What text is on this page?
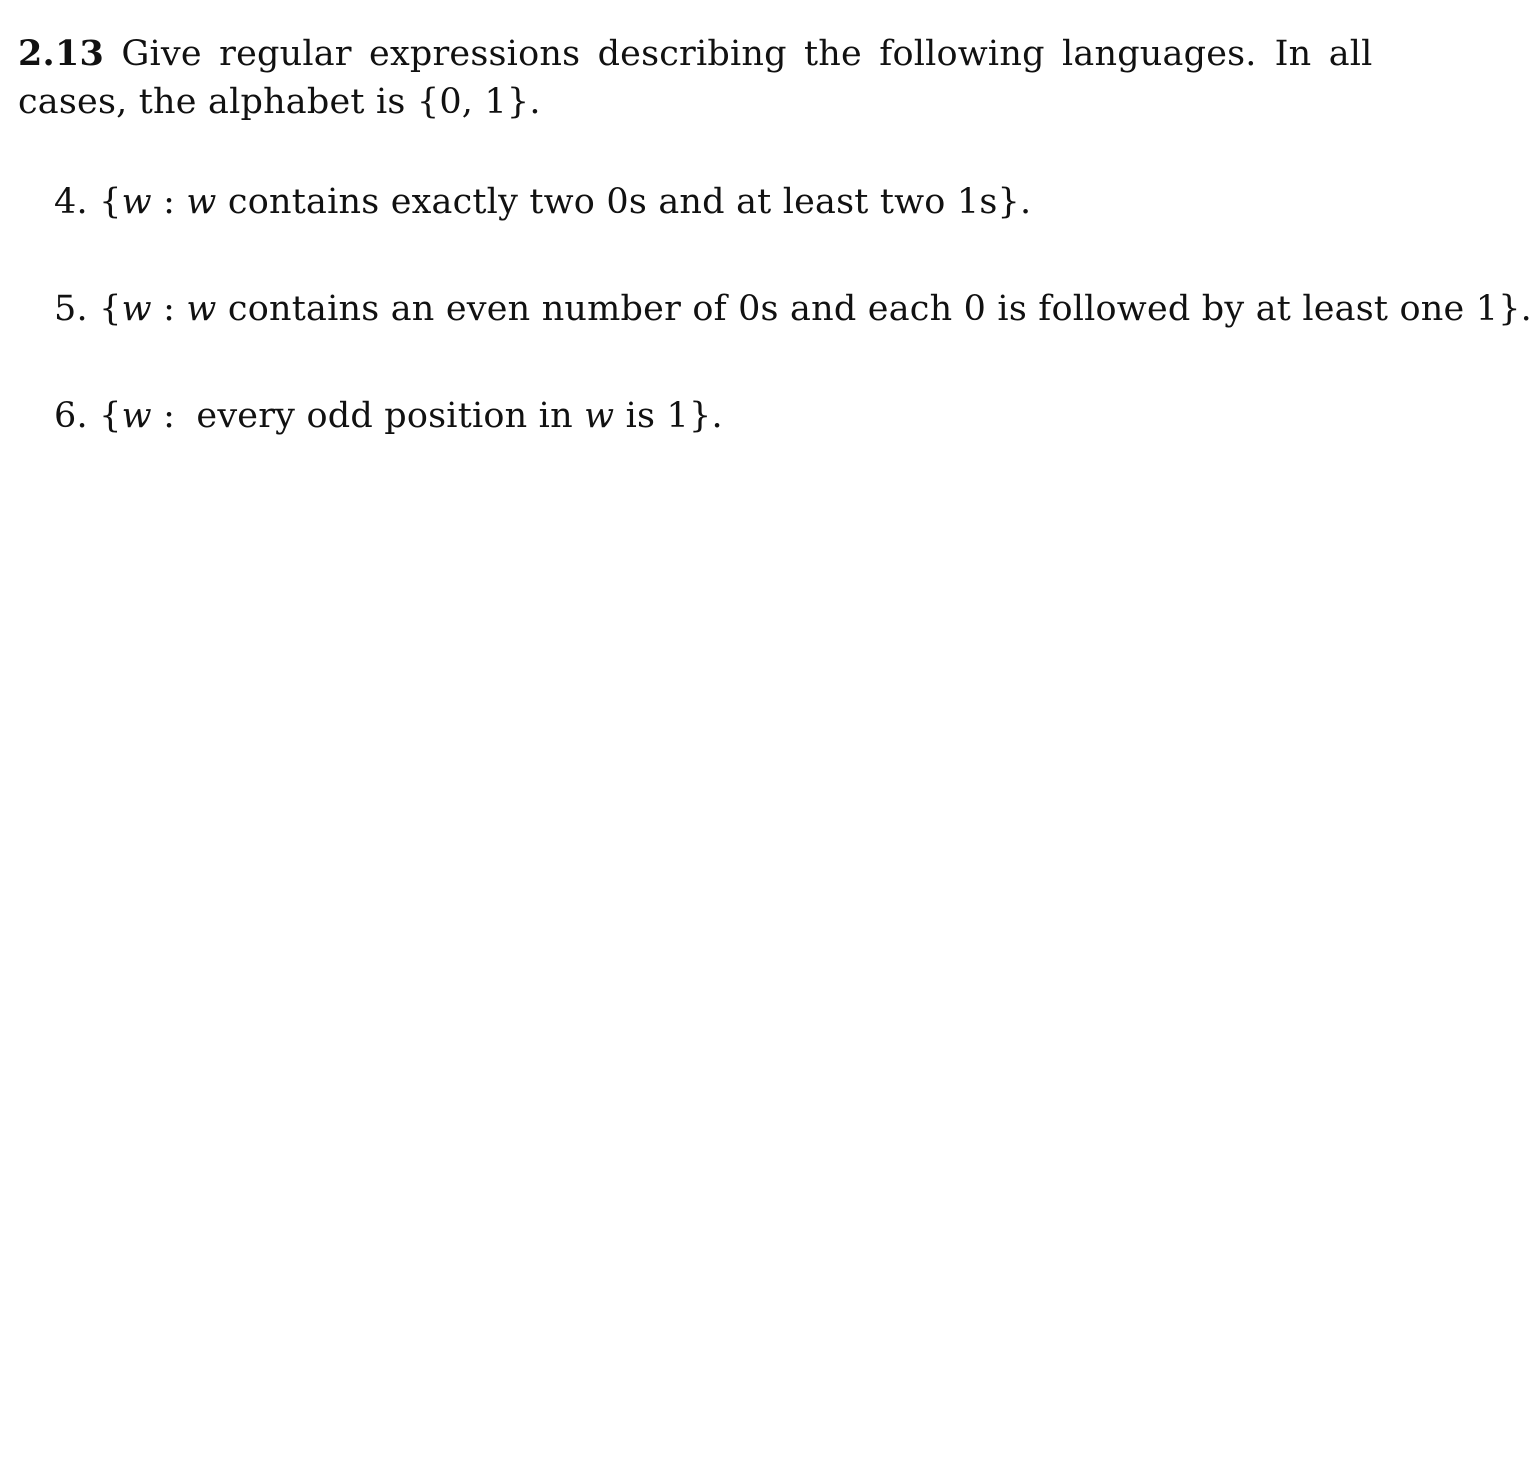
2.13 Give regular expressions describing the following languages. In all
cases, the alphabet is {0, 1}.
4. {w : w contains exactly two 0s and at least two 1s}.
5. {w : w contains an even number of 0s and each 0 is followed by at least one 1}.
6. {w : every odd position in w is 1}.
